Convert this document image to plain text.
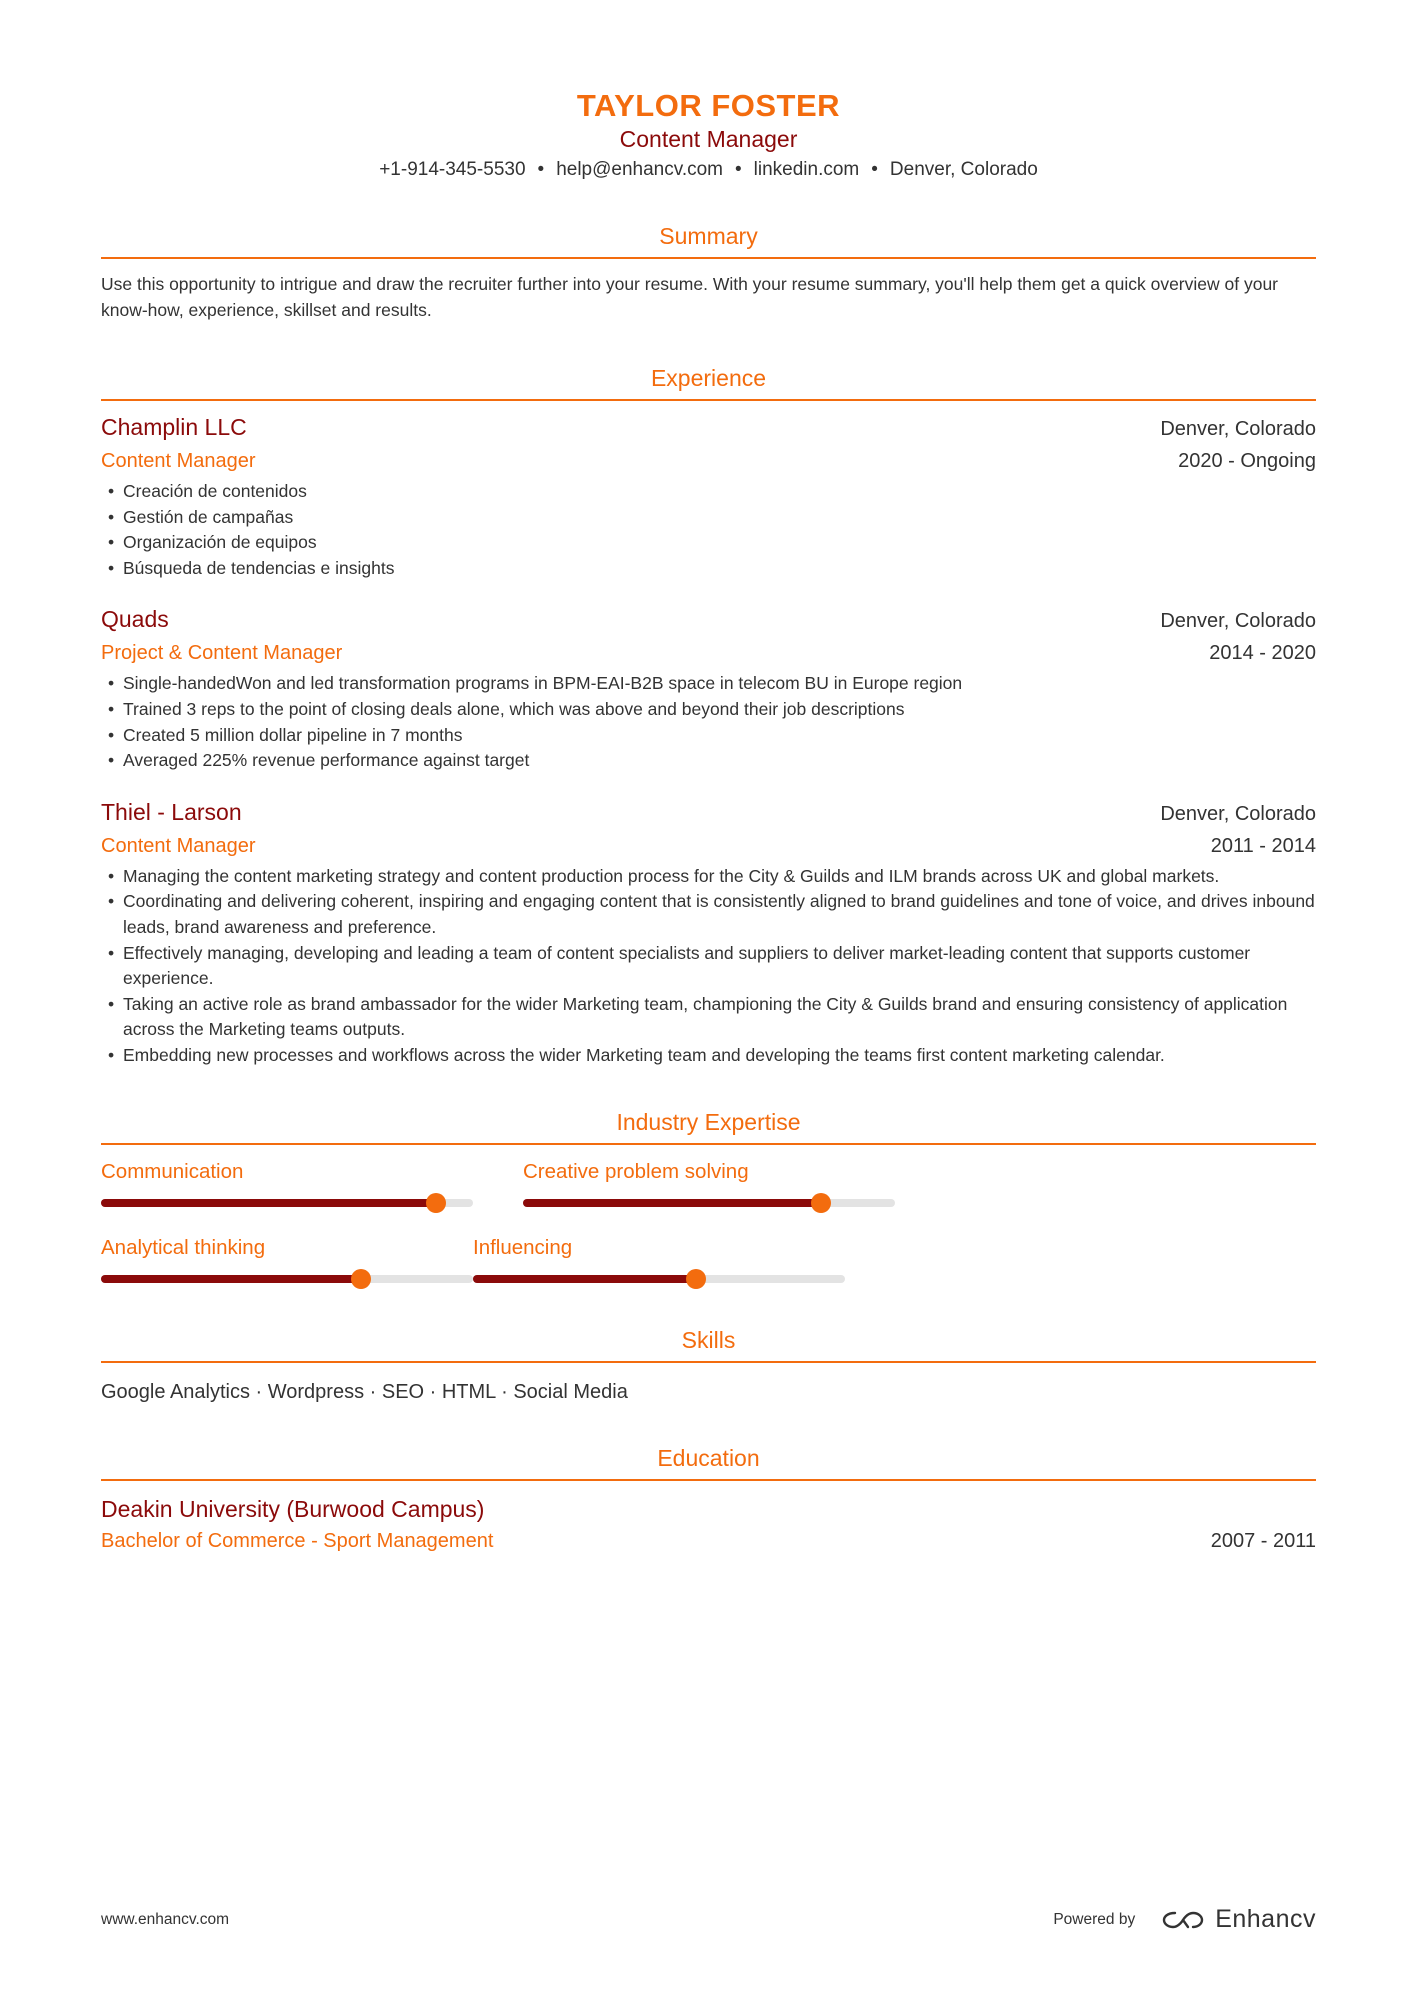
TAYLOR FOSTER
Content Manager
+1-914-345-5530 • help@enhancv.com • linkedin.com • Denver, Colorado
Summary
Use this opportunity to intrigue and draw the recruiter further into your resume. With your resume summary, you'll help them get a quick overview of your know-how, experience, skillset and results.
Experience
Champlin LLC	Denver, Colorado
Content Manager	2020 - Ongoing
• Creación de contenidos
• Gestión de campañas
• Organización de equipos
• Búsqueda de tendencias e insights
Quads	Denver, Colorado
Project & Content Manager	2014 - 2020
• Single-handedWon and led transformation programs in BPM-EAI-B2B space in telecom BU in Europe region
• Trained 3 reps to the point of closing deals alone, which was above and beyond their job descriptions
• Created 5 million dollar pipeline in 7 months
• Averaged 225% revenue performance against target
Thiel - Larson	Denver, Colorado
Content Manager	2011 - 2014
• Managing the content marketing strategy and content production process for the City & Guilds and ILM brands across UK and global markets.
• Coordinating and delivering coherent, inspiring and engaging content that is consistently aligned to brand guidelines and tone of voice, and drives inbound leads, brand awareness and preference.
• Effectively managing, developing and leading a team of content specialists and suppliers to deliver market-leading content that supports customer experience.
• Taking an active role as brand ambassador for the wider Marketing team, championing the City & Guilds brand and ensuring consistency of application across the Marketing teams outputs.
• Embedding new processes and workflows across the wider Marketing team and developing the teams first content marketing calendar.
Industry Expertise
Communication	Creative problem solving
Analytical thinking	Influencing
Skills
Google Analytics · Wordpress · SEO · HTML · Social Media
Education
Deakin University (Burwood Campus)
Bachelor of Commerce - Sport Management	2007 - 2011
www.enhancv.com	Powered by	Enhancv
